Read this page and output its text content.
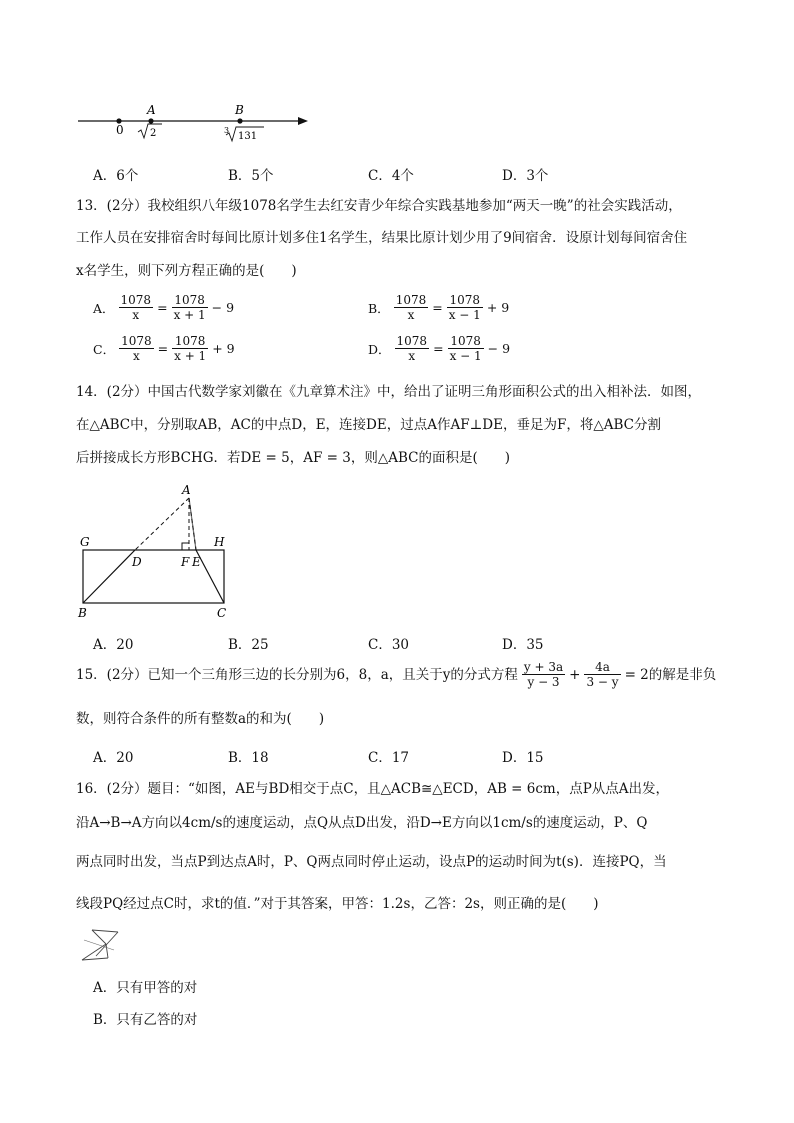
A	B
0	2	3
131
A．6个	B．5个	C．4个	D．3个
13．(2分）我校组织八年级1078名学生去红安青少年综合实践基地参加“两天一晚”的社会实践活动，
工作人员在安排宿舍时每间比原计划多住1名学生，结果比原计划少用了9间宿舍．设原计划每间宿舍住
x名学生，则下列方程正确的是(　　)
A． $\frac{1078}{x} = \frac{1078}{x + 1} - 9$	B． $\frac{1078}{x} = \frac{1078}{x - 1} + 9$
C． $\frac{1078}{x} = \frac{1078}{x + 1} + 9$	D． $\frac{1078}{x} = \frac{1078}{x - 1} - 9$
14．(2分）中国古代数学家刘徽在《九章算术注》中，给出了证明三角形面积公式的出入相补法．如图，
在△ABC中，分别取AB，AC的中点D，E，连接DE，过点A作AF⊥DE，垂足为F，将△ABC分割
后拼接成长方形BCHG．若DE = 5，AF = 3，则△ABC的面积是(　　)
A
G	H
D	F E
B	C
A．20	B．25	C．30	D．35
15．(2分）已知一个三角形三边的长分别为6，8，a，且关于y的分式方程 $\frac{y + 3a}{y - 3} + \frac{4a}{3 - y} = 2$的解是非负
数，则符合条件的所有整数a的和为(　　)
A．20	B．18	C．17	D．15
16．(2分）题目：“如图，AE与BD相交于点C，且△ACB≅△ECD，AB = 6cm，点P从点A出发，
沿A→B→A方向以4cm/s的速度运动，点Q从点D出发，沿D→E方向以1cm/s的速度运动，P、Q
两点同时出发，当点P到达点A时，P、Q两点同时停止运动，设点P的运动时间为t(s)．连接PQ，当
线段PQ经过点C时，求t的值．”对于其答案，甲答：1.2s，乙答：2s，则正确的是(　　)
A．只有甲答的对
B．只有乙答的对
